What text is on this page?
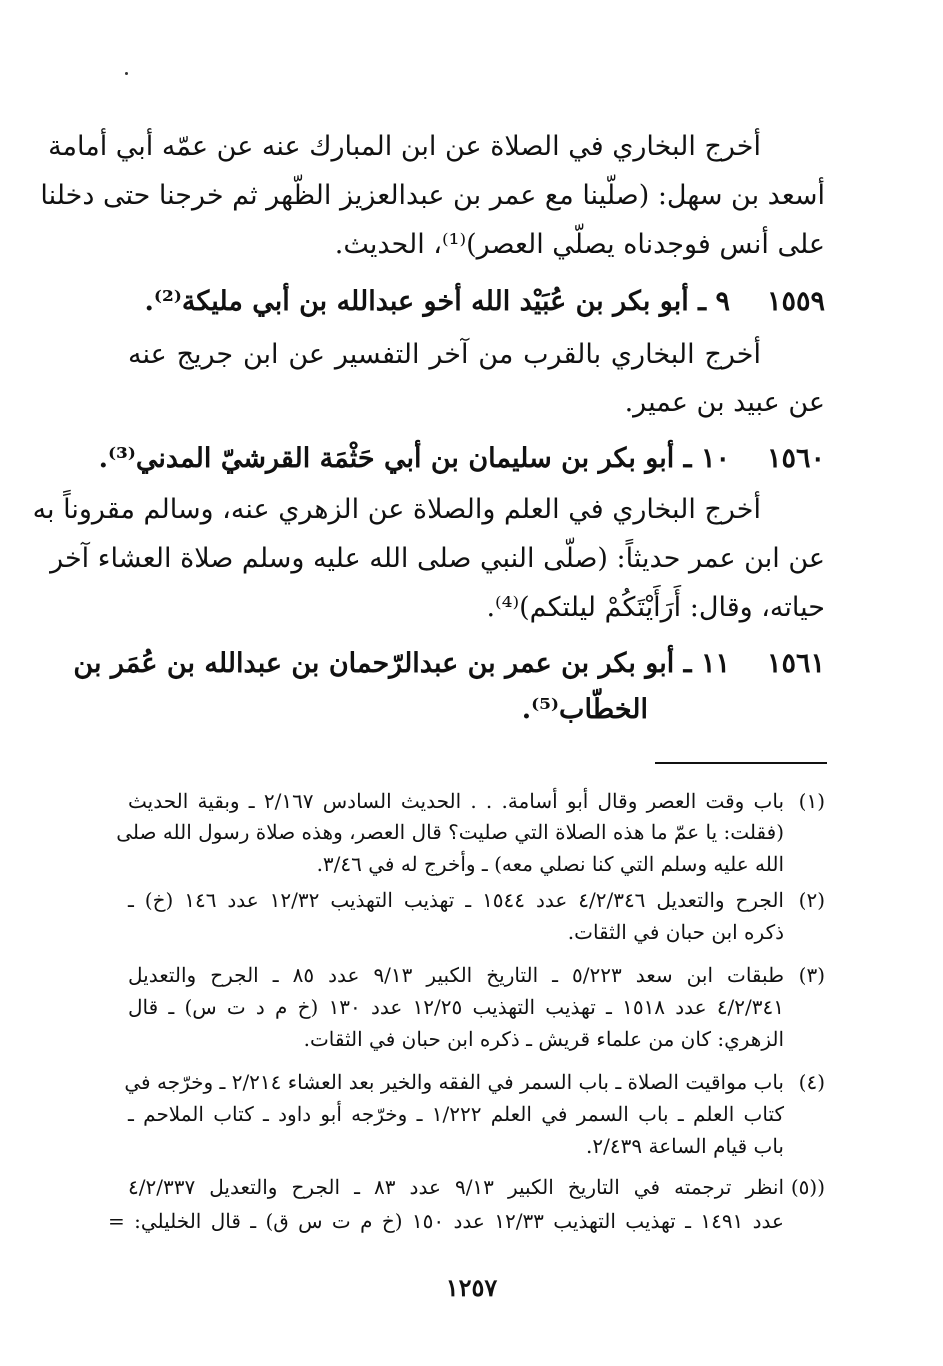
أخرج البخاري في الصلاة عن ابن المبارك عنه عن عمّه أبي أمامة
أسعد بن سهل: (صلّينا مع عمر بن عبدالعزيز الظّهر ثم خرجنا حتى دخلنا
على أنس فوجدناه يصلّي العصر)⁽¹⁾، الحديث.
١٥٥٩
٩ ـ أبو بكر بن عُبَيْد الله أخو عبدالله بن أبي مليكة⁽²⁾.
أخرج البخاري بالقرب من آخر التفسير عن ابن جريج عنه
عن عبيد بن عمير.
١٥٦٠
١٠ ـ أبو بكر بن سليمان بن أبي حَثْمَة القرشيّ المدني⁽³⁾.
أخرج البخاري في العلم والصلاة عن الزهري عنه، وسالم مقروناً به
عن ابن عمر حديثاً: (صلّى النبي صلى الله عليه وسلم صلاة العشاء آخر
حياته، وقال: أَرَأَيْتَكُمْ ليلتكم)⁽⁴⁾.
١٥٦١
١١ ـ أبو بكر بن عمر بن عبدالرّحمان بن عبدالله بن عُمَر بن
الخطّاب⁽⁵⁾.
(١)
باب وقت العصر وقال أبو أسامة. . . الحديث السادس ٢/١٦٧ ـ وبقية الحديث
(فقلت: يا عمّ ما هذه الصلاة التي صليت؟ قال العصر، وهذه صلاة رسول الله صلى
الله عليه وسلم التي كنا نصلي معه) ـ وأخرج له في ٣/٤٦.
(٢)
الجرح والتعديل ٤/٢/٣٤٦ عدد ١٥٤٤ ـ تهذيب التهذيب ١٢/٣٢ عدد ١٤٦ (خ) ـ
ذكره ابن حبان في الثقات.
(٣)
طبقات ابن سعد ٥/٢٢٣ ـ التاريخ الكبير ٩/١٣ عدد ٨٥ ـ الجرح والتعديل
٤/٢/٣٤١ عدد ١٥١٨ ـ تهذيب التهذيب ١٢/٢٥ عدد ١٣٠ (خ م د ت س) ـ قال
الزهري: كان من علماء قريش ـ ذكره ابن حبان في الثقات.
(٤)
باب مواقيت الصلاة ـ باب السمر في الفقه والخير بعد العشاء ٢/٢١٤ ـ وخرّجه في
كتاب العلم ـ باب السمر في العلم ١/٢٢٢ ـ وخرّجه أبو داود ـ كتاب الملاحم ـ
باب قيام الساعة ٢/٤٣٩.
((٥)
انظر ترجمته في التاريخ الكبير ٩/١٣ عدد ٨٣ ـ الجرح والتعديل ٤/٢/٣٣٧
عدد ١٤٩١ ـ تهذيب التهذيب ١٢/٣٣ عدد ١٥٠ (خ م ت س ق) ـ قال الخليلي: =
١٢٥٧
